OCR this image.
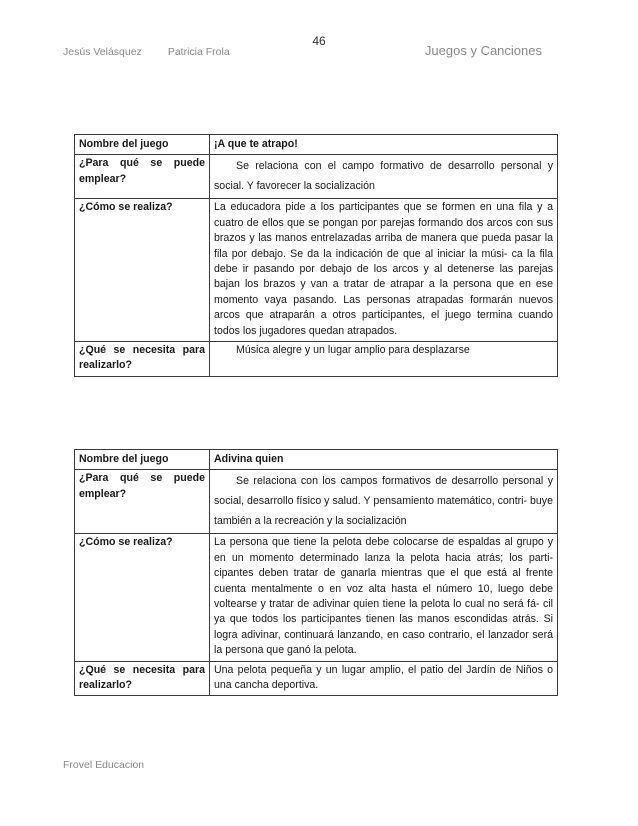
46
Jesús Velásquez Patricia Frola	Juegos y Canciones
Nombre del juego	¡A que te atrapo!
¿Para qué se puede emplear?	Se relaciona con el campo formativo de desarrollo personal y social. Y favorecer la socialización
¿Cómo se realiza?	La educadora pide a los participantes que se formen en una fila y a cuatro de ellos que se pongan por parejas formando dos arcos con sus brazos y las manos entrelazadas arriba de manera que pueda pasar la fila por debajo. Se da la indicación de que al iniciar la músi- ca la fila debe ir pasando por debajo de los arcos y al detenerse las parejas bajan los brazos y van a tratar de atrapar a la persona que en ese momento vaya pasando. Las personas atrapadas formarán nuevos arcos que atraparán a otros participantes, el juego termina cuando todos los jugadores quedan atrapados.
¿Qué se necesita para realizarlo?	Música alegre y un lugar amplio para desplazarse
Nombre del juego	Adivina quien
¿Para qué se puede emplear?	Se relaciona con los campos formativos de desarrollo personal y social, desarrollo físico y salud. Y pensamiento matemático, contri- buye también a la recreación y la socialización
¿Cómo se realiza?	La persona que tiene la pelota debe colocarse de espaldas al grupo y en un momento determinado lanza la pelota hacia atrás; los parti- cipantes deben tratar de ganarla mientras que el que está al frente cuenta mentalmente o en voz alta hasta el número 10, luego debe voltearse y tratar de adivinar quien tiene la pelota lo cual no será fá- cil ya que todos los participantes tienen las manos escondidas atrás. Si logra adivinar, continuará lanzando, en caso contrario, el lanzador será la persona que ganó la pelota.
¿Qué se necesita para realizarlo?	Una pelota pequeña y un lugar amplio, el patio del Jardín de Niños o una cancha deportiva.
Frovel Educacion
